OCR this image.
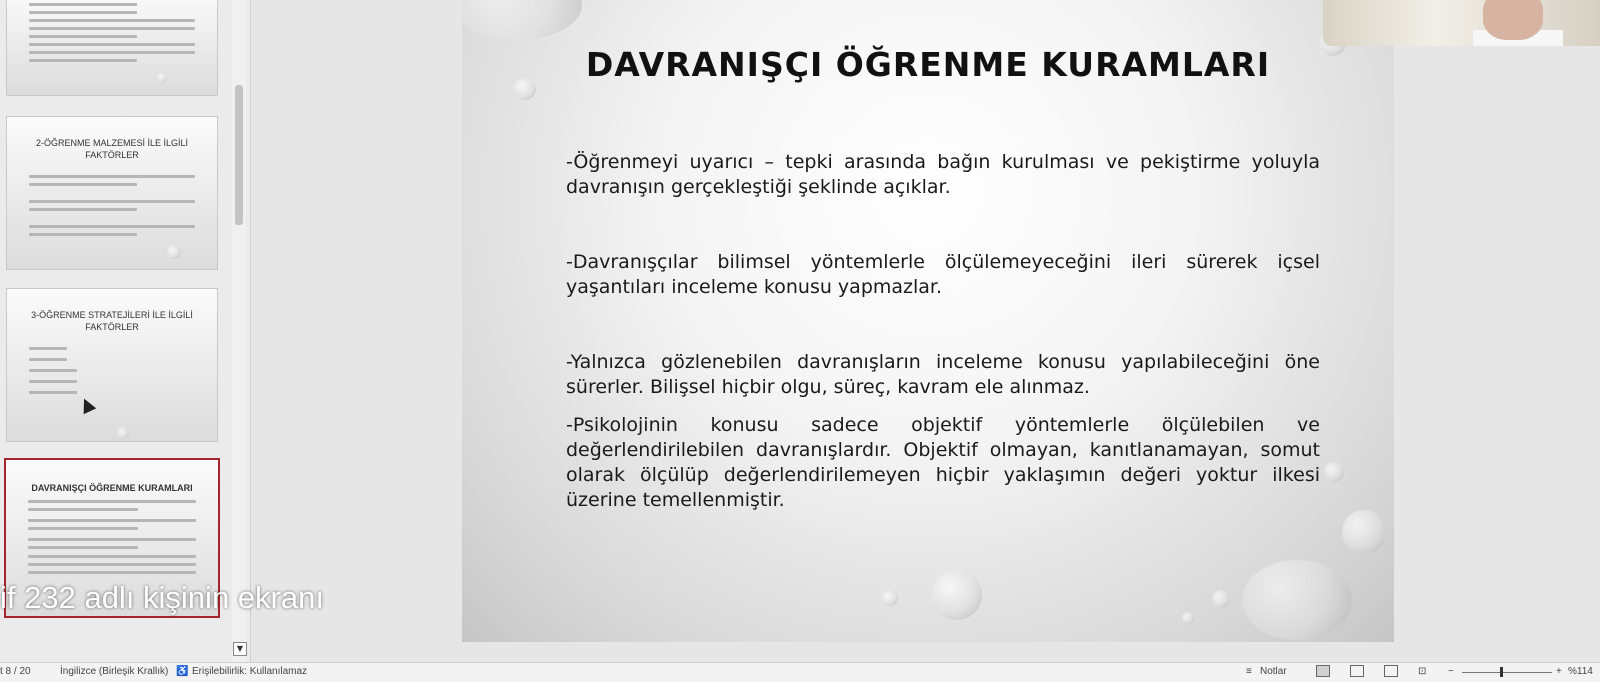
2-ÖĞRENME MALZEMESİ İLE İLGİLİ FAKTÖRLER
3-ÖĞRENME STRATEJİLERİ İLE İLGİLİ FAKTÖRLER
DAVRANIŞÇI ÖĞRENME KURAMLARI
▼
if 232 adlı kişinin ekranı
DAVRANIŞÇI ÖĞRENME KURAMLARI
-Öğrenmeyi uyarıcı – tepki arasında bağın kurulması ve pekiştirme yoluyla davranışın gerçekleştiği şeklinde açıklar.
-Davranışçılar bilimsel yöntemlerle ölçülemeyeceğini ileri sürerek içsel yaşantıları inceleme konusu yapmazlar.
-Yalnızca gözlenebilen davranışların inceleme konusu yapılabileceğini öne sürerler. Bilişsel hiçbir olgu, süreç, kavram ele alınmaz.
-Psikolojinin konusu sadece objektif yöntemlerle ölçülebilen ve değerlendirilebilen davranışlardır. Objektif olmayan, kanıtlanamayan, somut olarak ölçülüp değerlendirilemeyen hiçbir yaklaşımın değeri yoktur ilkesi üzerine temellenmiştir.
t 8 / 20	İngilizce (Birleşik Krallık) ♿ Erişilebilirlik: Kullanılamaz	≡ Notlar	⊡ −	+ %114
